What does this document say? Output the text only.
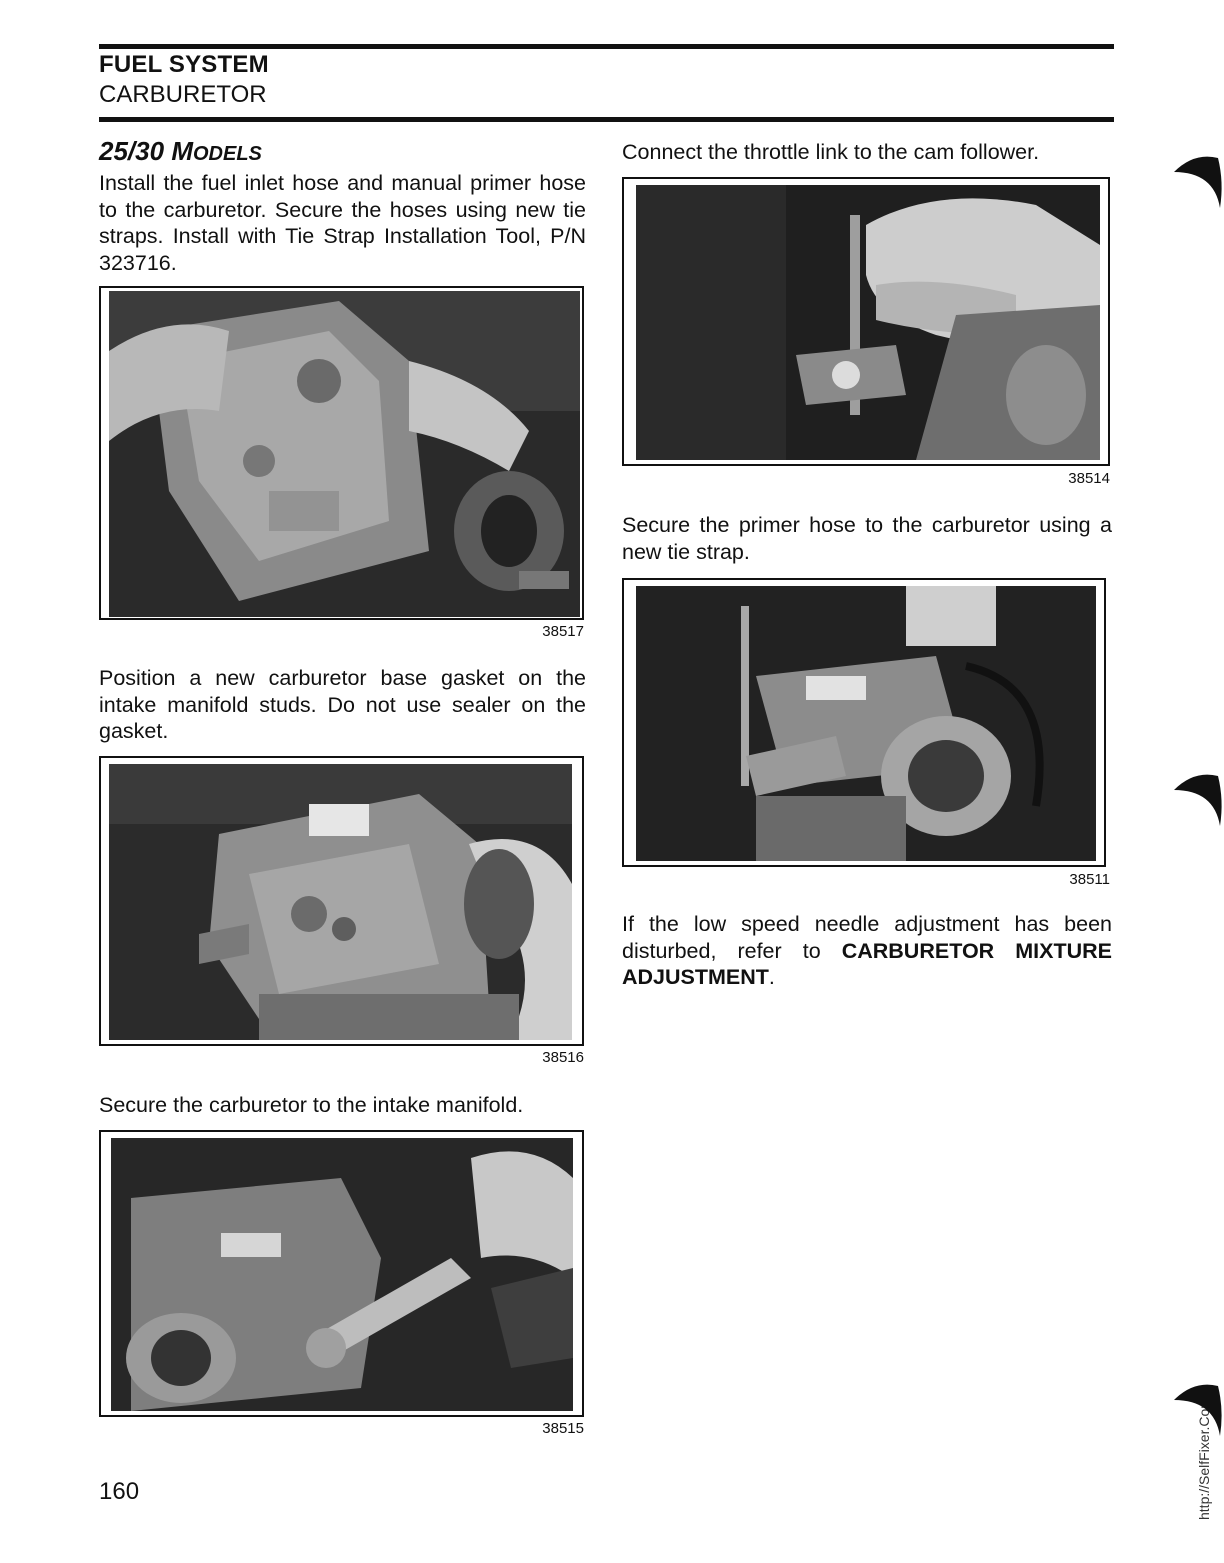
FUEL SYSTEM
CARBURETOR
25/30 MODELS
Install the fuel inlet hose and manual primer hose to the carburetor. Secure the hoses using new tie straps. Install with Tie Strap Installation Tool, P/N 323716.
38517
Position a new carburetor base gasket on the intake manifold studs. Do not use sealer on the gasket.
38516
Secure the carburetor to the intake manifold.
38515
Connect the throttle link to the cam follower.
38514
Secure the primer hose to the carburetor using a new tie strap.
38511
If the low speed needle adjustment has been disturbed, refer to CARBURETOR MIXTURE ADJUSTMENT.
160	http://SelfFixer.Com
